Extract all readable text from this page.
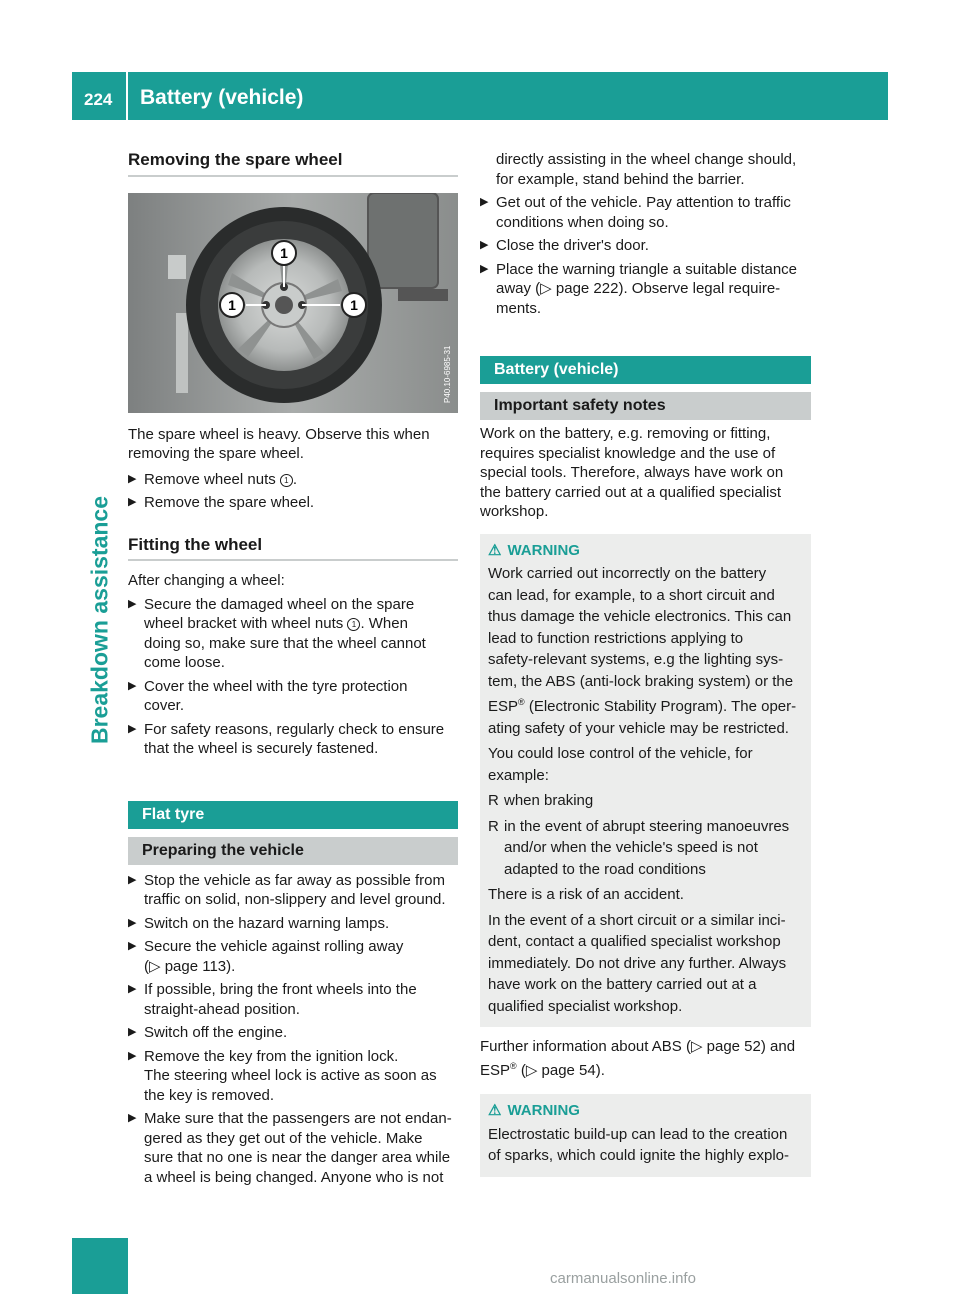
224 Battery (vehicle)
Breakdown assistance
Removing the spare wheel
1
1	1
P40.10-6985-31

The spare wheel is heavy. Observe this when

removing the spare wheel.

▶ Remove wheel nuts 1 .
▶ Remove the spare wheel.
Fitting the wheel

After changing a wheel:

▶ Secure the damaged wheel on the spare
wheel bracket with wheel nuts 1 . When
doing so, make sure that the wheel cannot
come loose.
▶ Cover the wheel with the tyre protection
cover.
▶ For safety reasons, regularly check to ensure
that the wheel is securely fastened.
Flat tyre
Preparing the vehicle
▶ Stop the vehicle as far away as possible from
traffic on solid, non-slippery and level ground.
▶ Switch on the hazard warning lamps.
▶ Secure the vehicle against rolling away
(▷ page 113).
▶ If possible, bring the front wheels into the
straight-ahead position.
▶ Switch off the engine.
▶ Remove the key from the ignition lock.
The steering wheel lock is active as soon as
the key is removed.
▶ Make sure that the passengers are not endan-
gered as they get out of the vehicle. Make
sure that no one is near the danger area while
a wheel is being changed. Anyone who is not
directly assisting in the wheel change should,
for example, stand behind the barrier.
▶ Get out of the vehicle. Pay attention to traffic
conditions when doing so.
▶ Close the driver's door.
▶ Place the warning triangle a suitable distance
away (▷ page 222). Observe legal require-
ments.
Battery (vehicle)
Important safety notes
Work on the battery, e.g. removing or fitting,
requires specialist knowledge and the use of
special tools. Therefore, always have work on
the battery carried out at a qualified specialist
workshop.
⚠ WARNING
Work carried out incorrectly on the battery
can lead, for example, to a short circuit and
thus damage the vehicle electronics. This can
lead to function restrictions applying to
safety-relevant systems, e.g the lighting sys-
tem, the ABS (anti-lock braking system) or the
ESP® (Electronic Stability Program). The oper-
ating safety of your vehicle may be restricted.
You could lose control of the vehicle, for
example:
R when braking
R in the event of abrupt steering manoeuvres
and/or when the vehicle's speed is not
adapted to the road conditions
There is a risk of an accident.
In the event of a short circuit or a similar inci-
dent, contact a qualified specialist workshop
immediately. Do not drive any further. Always
have work on the battery carried out at a
qualified specialist workshop.
Further information about ABS (▷ page 52) and
ESP® (▷ page 54).
⚠ WARNING
Electrostatic build-up can lead to the creation
of sparks, which could ignite the highly explo-
carmanualsonline.info
